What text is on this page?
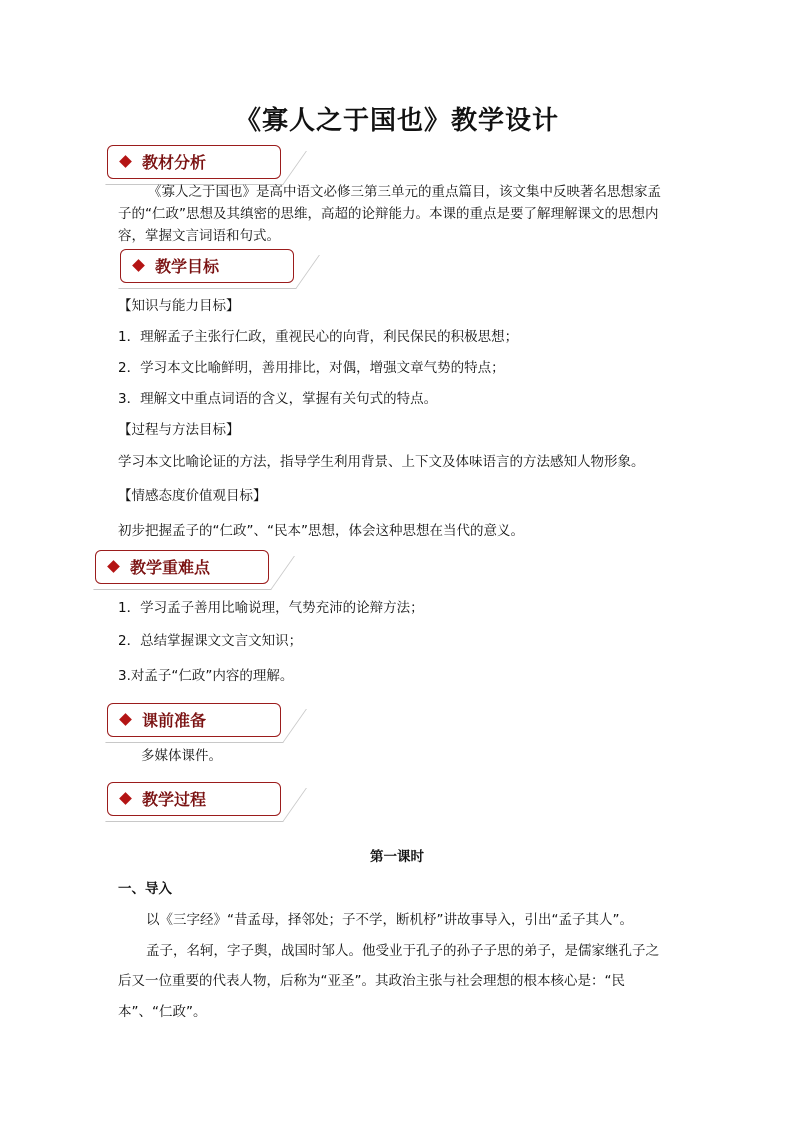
《寡人之于国也》教学设计
教材分析
《寡人之于国也》是高中语文必修三第三单元的重点篇目，该文集中反映著名思想家孟
子的“仁政”思想及其缜密的思维，高超的论辩能力。本课的重点是要了解理解课文的思想内
容，掌握文言词语和句式。
教学目标
【知识与能力目标】
1．理解孟子主张行仁政，重视民心的向背，利民保民的积极思想；
2．学习本文比喻鲜明，善用排比，对偶，增强文章气势的特点；
3．理解文中重点词语的含义，掌握有关句式的特点。
【过程与方法目标】
学习本文比喻论证的方法，指导学生利用背景、上下文及体味语言的方法感知人物形象。
【情感态度价值观目标】
初步把握孟子的“仁政”、“民本”思想，体会这种思想在当代的意义。
教学重难点
1．学习孟子善用比喻说理，气势充沛的论辩方法；
2．总结掌握课文文言文知识；
3.对孟子“仁政”内容的理解。
课前准备
多媒体课件。
教学过程
第一课时
一、导入
以《三字经》“昔孟母，择邻处；子不学，断机杼”讲故事导入，引出“孟子其人”。
孟子，名轲，字子舆，战国时邹人。他受业于孔子的孙子子思的弟子，是儒家继孔子之
后又一位重要的代表人物，后称为“亚圣”。其政治主张与社会理想的根本核心是：“民
本”、“仁政”。
